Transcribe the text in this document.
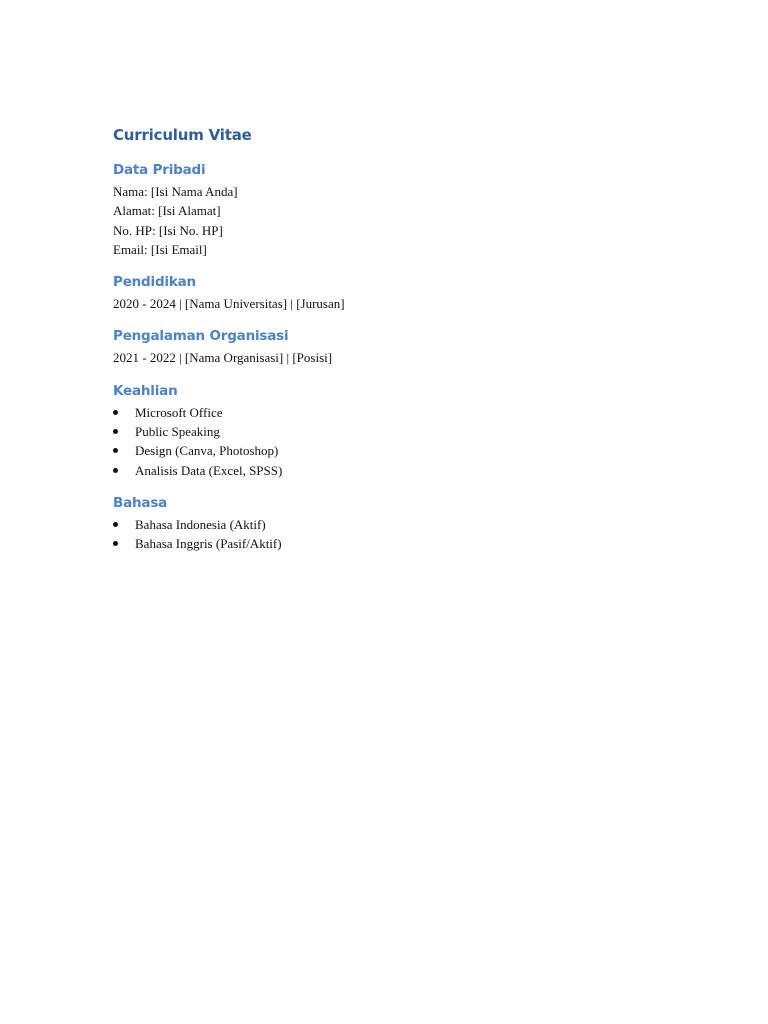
Curriculum Vitae
Data Pribadi
Nama: [Isi Nama Anda]
Alamat: [Isi Alamat]
No. HP: [Isi No. HP]
Email: [Isi Email]
Pendidikan
2020 - 2024 | [Nama Universitas] | [Jurusan]
Pengalaman Organisasi
2021 - 2022 | [Nama Organisasi] | [Posisi]
Keahlian
Microsoft Office
Public Speaking
Design (Canva, Photoshop)
Analisis Data (Excel, SPSS)
Bahasa
Bahasa Indonesia (Aktif)
Bahasa Inggris (Pasif/Aktif)
